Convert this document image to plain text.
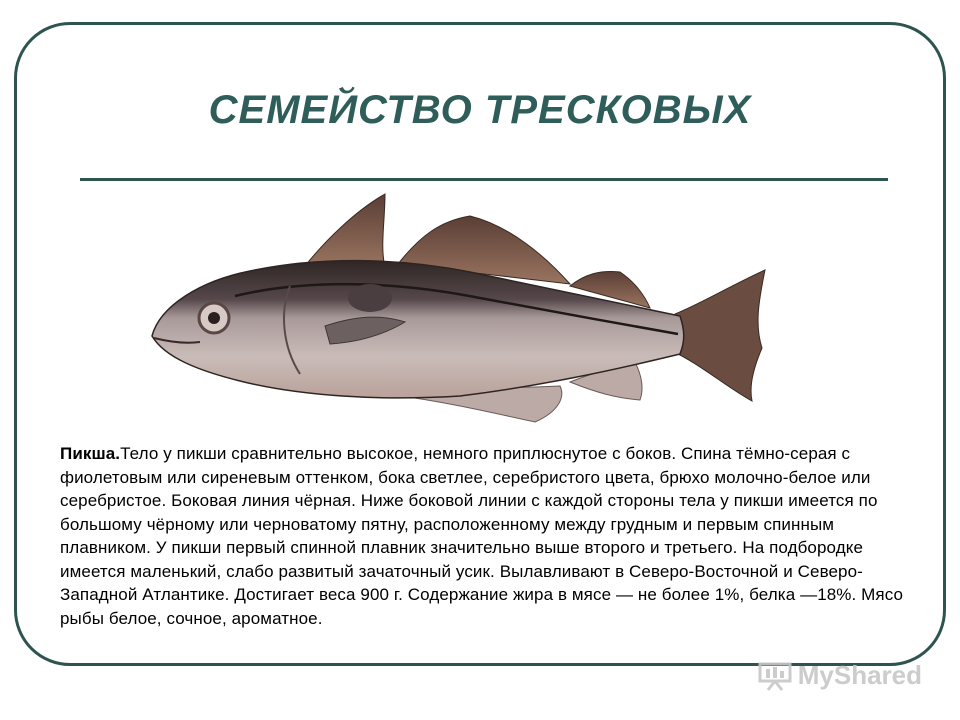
СЕМЕЙСТВО ТРЕСКОВЫХ
Пикша.Тело у пикши сравнительно высокое, немного приплюснутое с боков. Спина тёмно-серая с фиолетовым или сиреневым оттенком, бока светлее, серебристого цвета, брюхо молочно-белое или серебристое. Боковая линия чёрная. Ниже боковой линии с каждой стороны тела у пикши имеется по большому чёрному или черноватому пятну, расположенному между грудным и первым спинным плавником. У пикши первый спинной плавник значительно выше второго и третьего. На подбородке имеется маленький, слабо развитый зачаточный усик. Вылавливают в Северо-Восточной и Северо-Западной Атлантике. Достигает веса 900 г. Содержание жира в мясе — не более 1%, белка —18%. Мясо рыбы белое, сочное, ароматное.
MyShared
